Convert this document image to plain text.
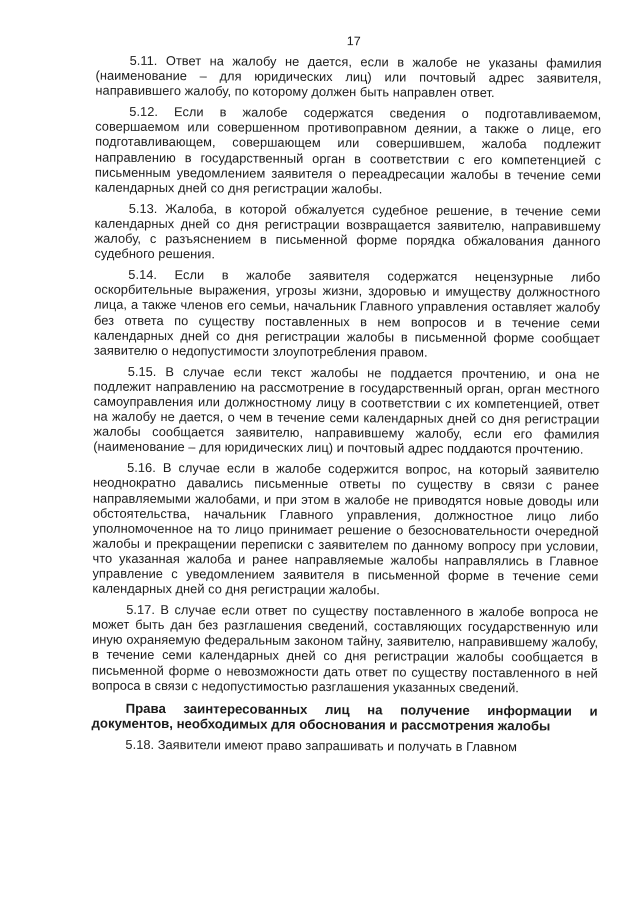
17

5.11. Ответ на жалобу не дается, если в жалобе не указаны фамилия (наименование – для юридических лиц) или почтовый адрес заявителя, направившего жалобу, по которому должен быть направлен ответ.

5.12. Если в жалобе содержатся сведения о подготавливаемом, совершаемом или совершенном противоправном деянии, а также о лице, его подготавливающем, совершающем или совершившем, жалоба подлежит направлению в государственный орган в соответствии с его компетенцией с письменным уведомлением заявителя о переадресации жалобы в течение семи календарных дней со дня регистрации жалобы.

5.13. Жалоба, в которой обжалуется судебное решение, в течение семи календарных дней со дня регистрации возвращается заявителю, направившему жалобу, с разъяснением в письменной форме порядка обжалования данного судебного решения.

5.14. Если в жалобе заявителя содержатся нецензурные либо оскорбительные выражения, угрозы жизни, здоровью и имуществу должностного лица, а также членов его семьи, начальник Главного управления оставляет жалобу без ответа по существу поставленных в нем вопросов и в течение семи календарных дней со дня регистрации жалобы в письменной форме сообщает заявителю о недопустимости злоупотребления правом.

5.15. В случае если текст жалобы не поддается прочтению, и она не подлежит направлению на рассмотрение в государственный орган, орган местного самоуправления или должностному лицу в соответствии с их компетенцией, ответ на жалобу не дается, о чем в течение семи календарных дней со дня регистрации жалобы сообщается заявителю, направившему жалобу, если его фамилия (наименование – для юридических лиц) и почтовый адрес поддаются прочтению.

5.16. В случае если в жалобе содержится вопрос, на который заявителю неоднократно давались письменные ответы по существу в связи с ранее направляемыми жалобами, и при этом в жалобе не приводятся новые доводы или обстоятельства, начальник Главного управления, должностное лицо либо уполномоченное на то лицо принимает решение о безосновательности очередной жалобы и прекращении переписки с заявителем по данному вопросу при условии, что указанная жалоба и ранее направляемые жалобы направлялись в Главное управление с уведомлением заявителя в письменной форме в течение семи календарных дней со дня регистрации жалобы.

5.17. В случае если ответ по существу поставленного в жалобе вопроса не может быть дан без разглашения сведений, составляющих государственную или иную охраняемую федеральным законом тайну, заявителю, направившему жалобу, в течение семи календарных дней со дня регистрации жалобы сообщается в письменной форме о невозможности дать ответ по существу поставленного в ней вопроса в связи с недопустимостью разглашения указанных сведений.

Права заинтересованных лиц на получение информации и документов, необходимых для обоснования и рассмотрения жалобы

5.18. Заявители имеют право запрашивать и получать в Главном
